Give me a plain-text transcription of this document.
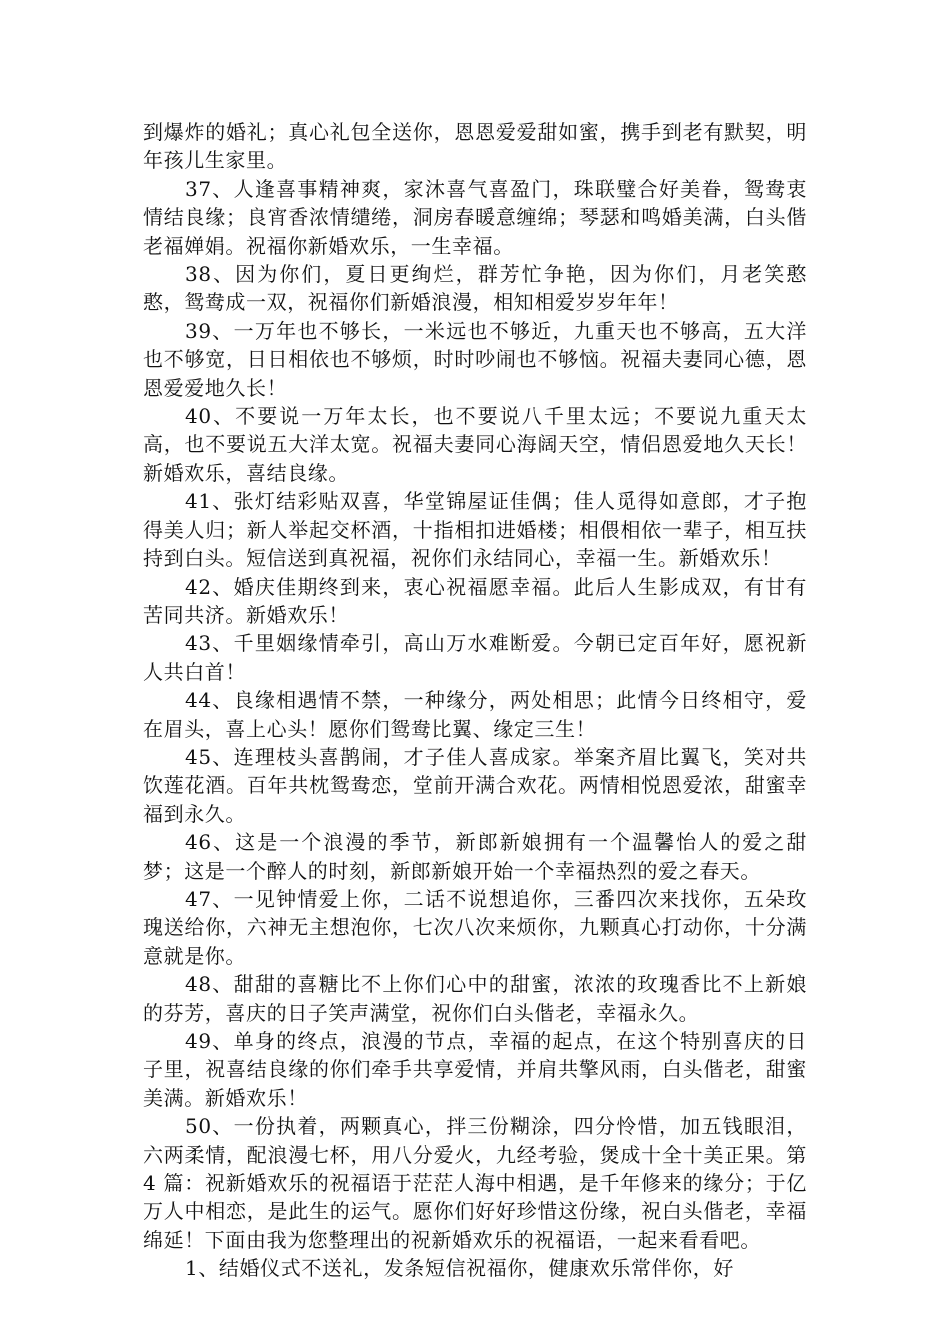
到爆炸的婚礼；真心礼包全送你，恩恩爱爱甜如蜜，携手到老有默契，明年孩儿生家里。

37、人逢喜事精神爽，家沐喜气喜盈门，珠联璧合好美眷，鸳鸯衷情结良缘；良宵香浓情缱绻，洞房春暖意缠绵；琴瑟和鸣婚美满，白头偕老福婵娟。祝福你新婚欢乐，一生幸福。

38、因为你们，夏日更绚烂，群芳忙争艳，因为你们，月老笑憨憨，鸳鸯成一双，祝福你们新婚浪漫，相知相爱岁岁年年！

39、一万年也不够长，一米远也不够近，九重天也不够高，五大洋也不够宽，日日相依也不够烦，时时吵闹也不够恼。祝福夫妻同心德，恩恩爱爱地久长！

40、不要说一万年太长，也不要说八千里太远；不要说九重天太高，也不要说五大洋太宽。祝福夫妻同心海阔天空，情侣恩爱地久天长！新婚欢乐，喜结良缘。

41、张灯结彩贴双喜，华堂锦屋证佳偶；佳人觅得如意郎，才子抱得美人归；新人举起交杯酒，十指相扣进婚楼；相偎相依一辈子，相互扶持到白头。短信送到真祝福，祝你们永结同心，幸福一生。新婚欢乐！

42、婚庆佳期终到来，衷心祝福愿幸福。此后人生影成双，有甘有苦同共济。新婚欢乐！

43、千里姻缘情牵引，高山万水难断爱。今朝已定百年好，愿祝新人共白首！

44、良缘相遇情不禁，一种缘分，两处相思；此情今日终相守，爱在眉头，喜上心头！愿你们鸳鸯比翼、缘定三生！

45、连理枝头喜鹊闹，才子佳人喜成家。举案齐眉比翼飞，笑对共饮莲花酒。百年共枕鸳鸯恋，堂前开满合欢花。两情相悦恩爱浓，甜蜜幸福到永久。

46、这是一个浪漫的季节，新郎新娘拥有一个温馨怡人的爱之甜梦；这是一个醉人的时刻，新郎新娘开始一个幸福热烈的爱之春天。

47、一见钟情爱上你，二话不说想追你，三番四次来找你，五朵玫瑰送给你，六神无主想泡你，七次八次来烦你，九颗真心打动你，十分满意就是你。

48、甜甜的喜糖比不上你们心中的甜蜜，浓浓的玫瑰香比不上新娘的芬芳，喜庆的日子笑声满堂，祝你们白头偕老，幸福永久。

49、单身的终点，浪漫的节点，幸福的起点，在这个特别喜庆的日子里，祝喜结良缘的你们牵手共享爱情，并肩共擎风雨，白头偕老，甜蜜美满。新婚欢乐！

50、一份执着，两颗真心，拌三份糊涂，四分怜惜，加五钱眼泪，六两柔情，配浪漫七杯，用八分爱火，九经考验，煲成十全十美正果。第 4 篇：祝新婚欢乐的祝福语于茫茫人海中相遇，是千年修来的缘分；于亿万人中相恋，是此生的运气。愿你们好好珍惜这份缘，祝白头偕老，幸福绵延！下面由我为您整理出的祝新婚欢乐的祝福语，一起来看看吧。

1、结婚仪式不送礼，发条短信祝福你，健康欢乐常伴你，好
